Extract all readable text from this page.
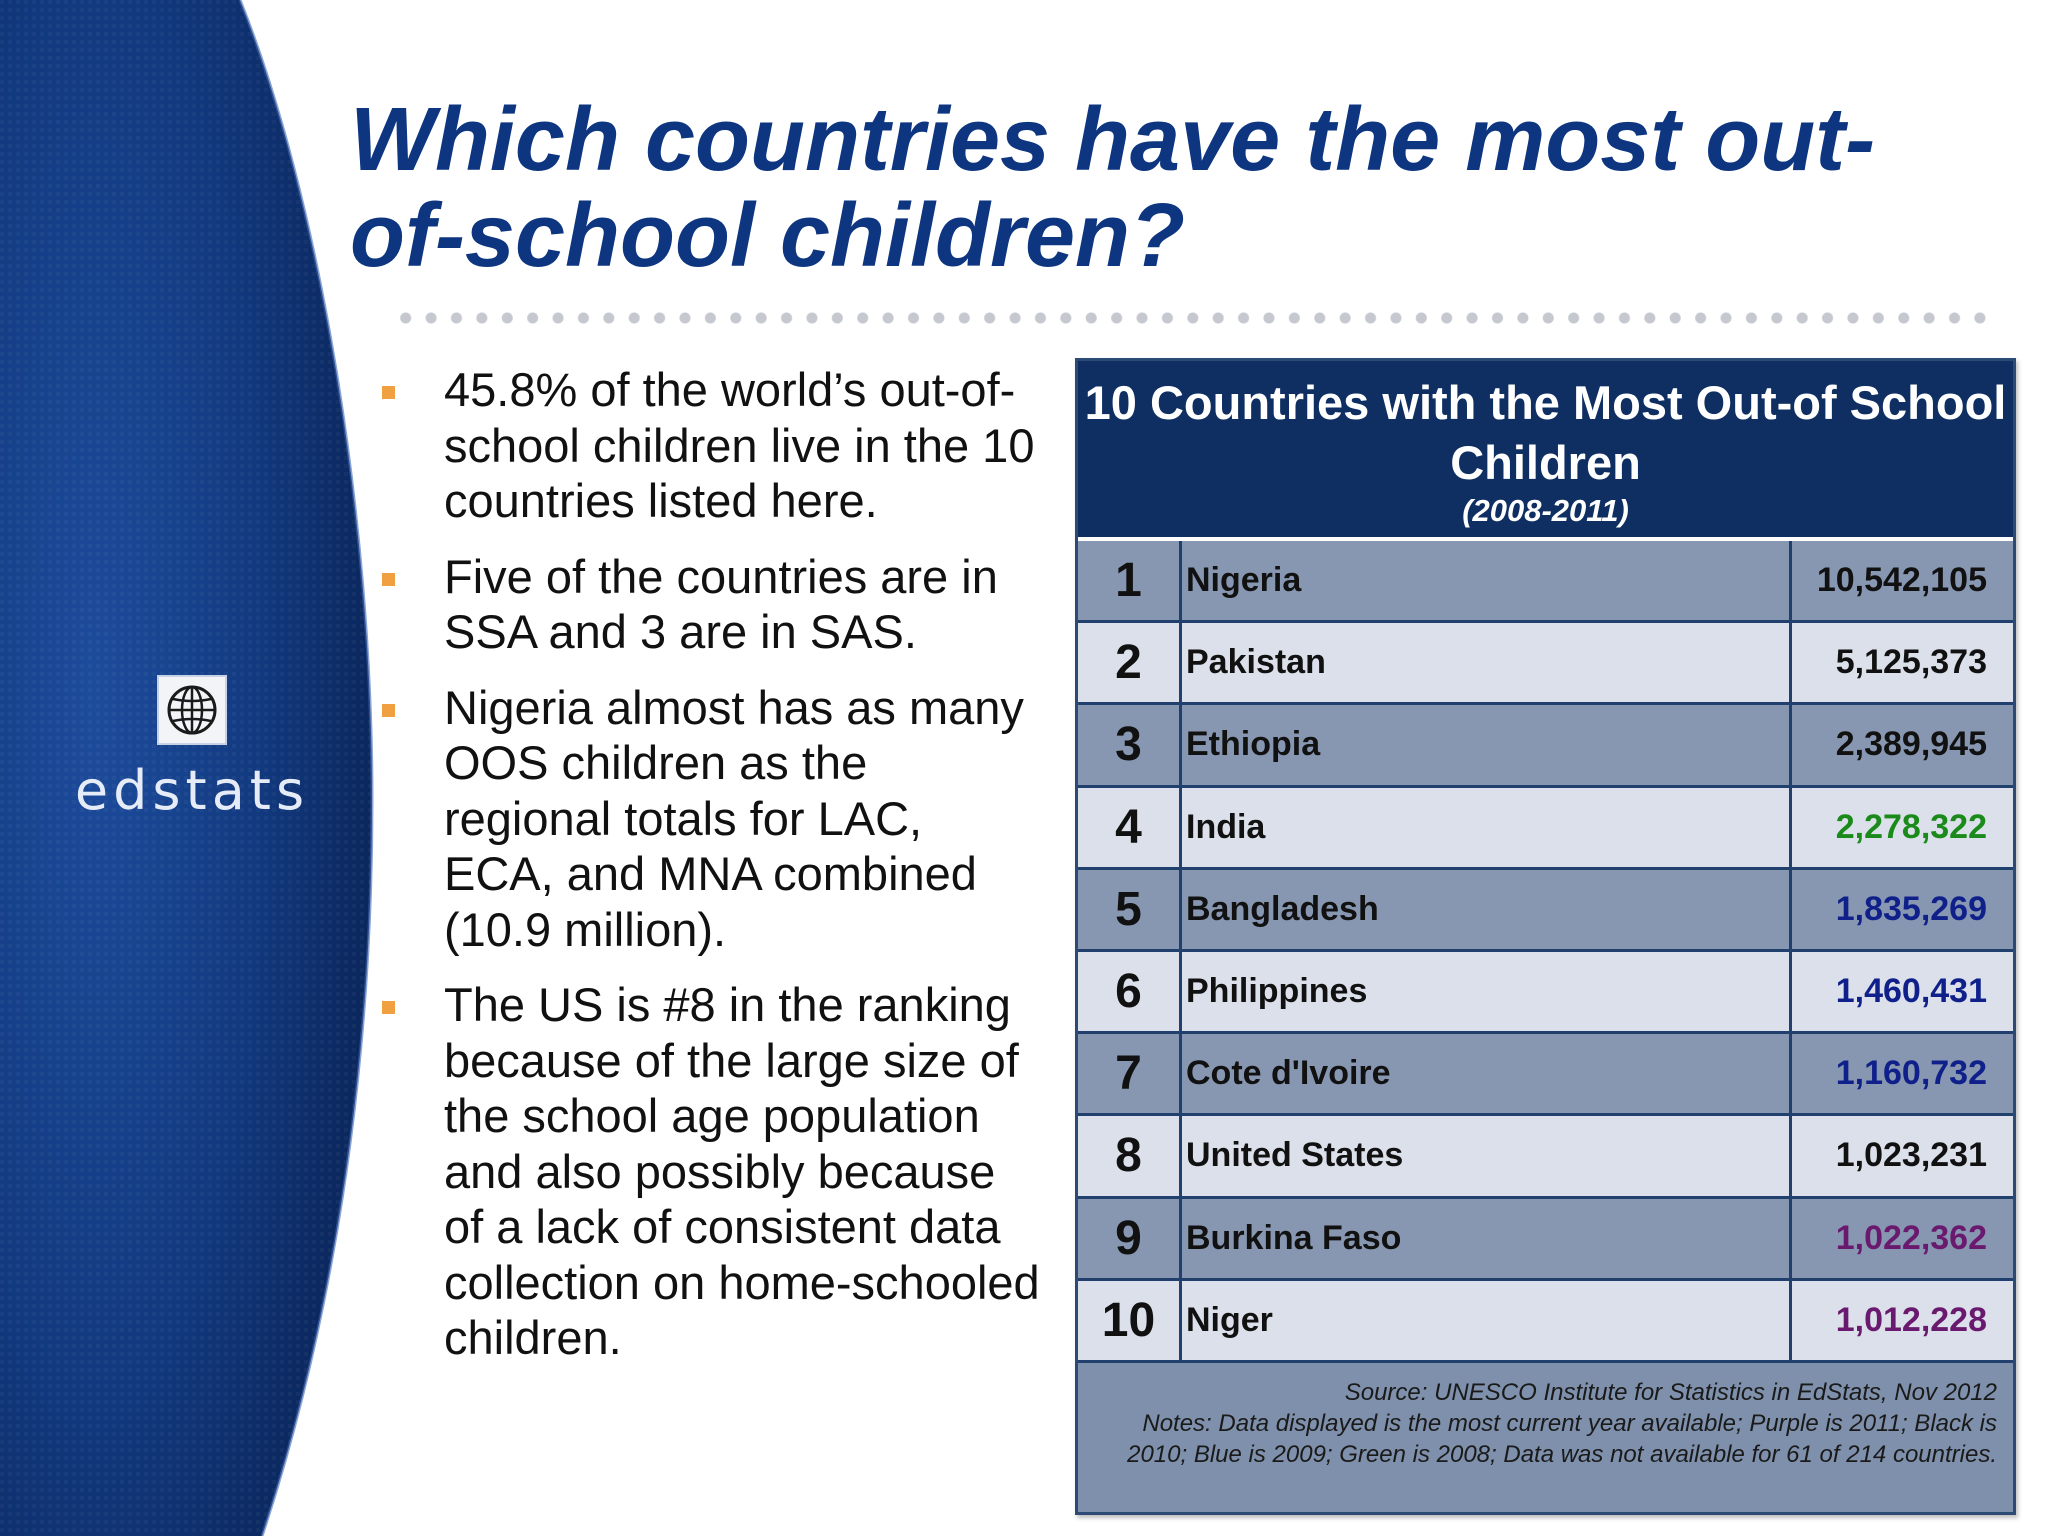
edstats
Which countries have the most out-of-school children?
45.8% of the world’s out-of-school children live in the 10 countries listed here.
Five of the countries are in SSA and 3 are in SAS.
Nigeria almost has as many OOS children as the regional totals for LAC, ECA, and MNA combined (10.9 million).
The US is #8 in the ranking because of the large size of the school age population and also possibly because of a lack of consistent data collection on home-schooled children.
10 Countries with the Most Out-of School Children
(2008-2011)
1	Nigeria	10,542,105
2	Pakistan	5,125,373
3	Ethiopia	2,389,945
4	India	2,278,322
5	Bangladesh	1,835,269
6	Philippines	1,460,431
7	Cote d'Ivoire	1,160,732
8	United States	1,023,231
9	Burkina Faso	1,022,362
10 Niger	1,012,228
Source: UNESCO Institute for Statistics in EdStats, Nov 2012
Notes: Data displayed is the most current year available; Purple is 2011; Black is 2010; Blue is 2009; Green is 2008; Data was not available for 61 of 214 countries.
